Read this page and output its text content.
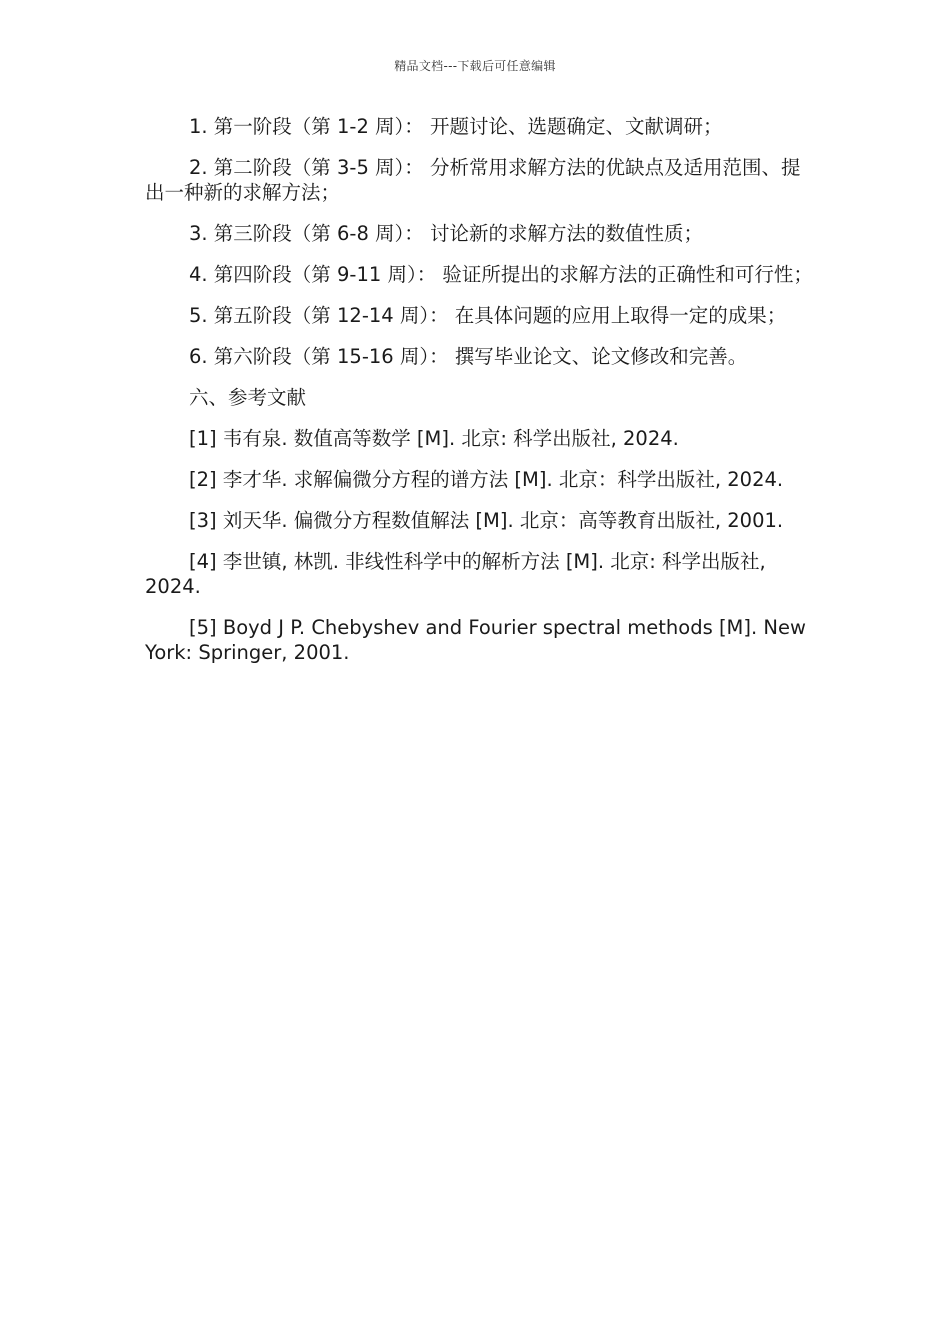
精品文档---下载后可任意编辑

1. 第一阶段（第 1-2 周）： 开题讨论、选题确定、文献调研；

2. 第二阶段（第 3-5 周）： 分析常用求解方法的优缺点及适用范围、提出一种新的求解方法；

3. 第三阶段（第 6-8 周）： 讨论新的求解方法的数值性质；

4. 第四阶段（第 9-11 周）： 验证所提出的求解方法的正确性和可行性；

5. 第五阶段（第 12-14 周）： 在具体问题的应用上取得一定的成果；

6. 第六阶段（第 15-16 周）： 撰写毕业论文、论文修改和完善。

六、参考文献

[1] 韦有泉. 数值高等数学 [M]. 北京: 科学出版社, 2024.

[2] 李才华. 求解偏微分方程的谱方法 [M]. 北京：科学出版社, 2024.

[3] 刘天华. 偏微分方程数值解法 [M]. 北京：高等教育出版社, 2001.

[4] 李世镇, 林凯. 非线性科学中的解析方法 [M]. 北京: 科学出版社, 2024.

[5] Boyd J P. Chebyshev and Fourier spectral methods [M]. New York: Springer, 2001.
